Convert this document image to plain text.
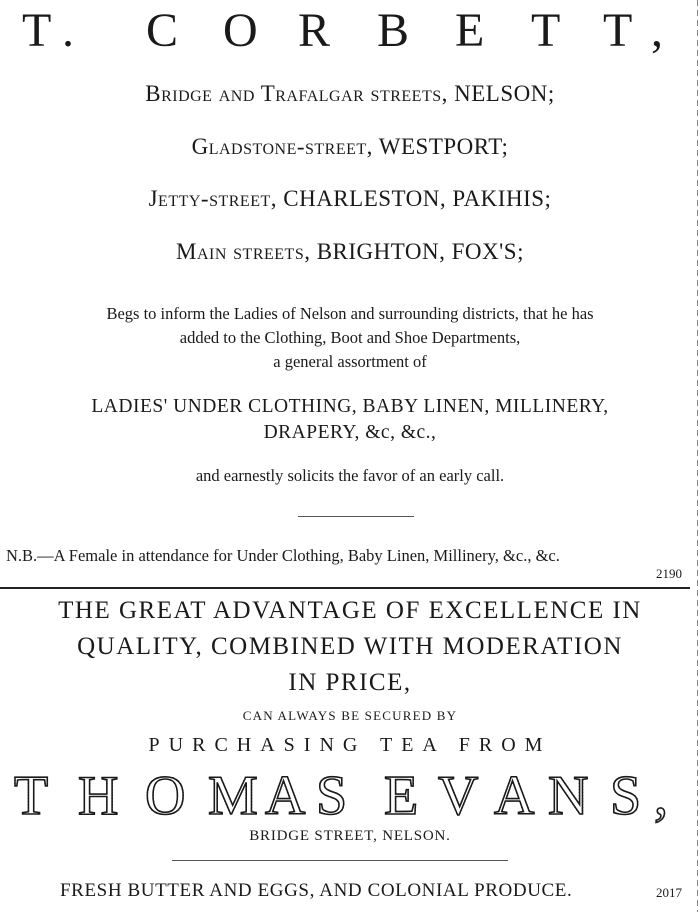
T . C O R B E T T ,
Bridge and Trafalgar streets, NELSON;
Gladstone-street, WESTPORT;
Jetty-street, CHARLESTON, PAKIHIS;
Main streets, BRIGHTON, FOX'S;
Begs to inform the Ladies of Nelson and surrounding districts, that he has
added to the Clothing, Boot and Shoe Departments,
a general assortment of
LADIES' UNDER CLOTHING, BABY LINEN, MILLINERY,
DRAPERY, &c, &c.,
and earnestly solicits the favor of an early call.
N.B.—A Female in attendance for Under Clothing, Baby Linen, Millinery, &c., &c.
2190
THE GREAT ADVANTAGE OF EXCELLENCE IN
QUALITY, COMBINED WITH MODERATION
IN PRICE,
CAN ALWAYS BE SECURED BY
PURCHASING TEA FROM
T H O M A S E V A N S ,
BRIDGE STREET, NELSON.
FRESH BUTTER AND EGGS, AND COLONIAL PRODUCE.	2017
